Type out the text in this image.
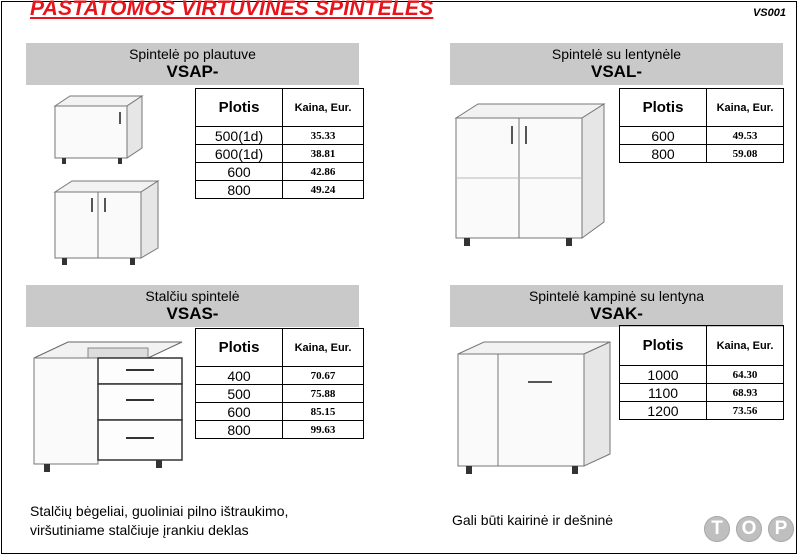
PASTATOMOS VIRTUVINES SPINTELES	VS001
Spintelė po plautuve
VSAP-
Spintelė su lentynėle
VSAL-
Stalčiu spintelė
VSAS-
Spintelė kampinė su lentyna
VSAK-
Plotis	Kaina, Eur.
500(1d)	35.33
600(1d)	38.81
600	42.86
800	49.24
Plotis	Kaina, Eur.
600	49.53
800	59.08
Plotis	Kaina, Eur.
400	70.67
500	75.88
600	85.15
800	99.63
Plotis	Kaina, Eur.
1000	64.30
1100	68.93
1200	73.56
Stalčių bėgeliai, guoliniai pilno ištraukimo,
viršutiniame stalčiuje įrankiu deklas
Gali būti kairinė ir dešninė	T O P
